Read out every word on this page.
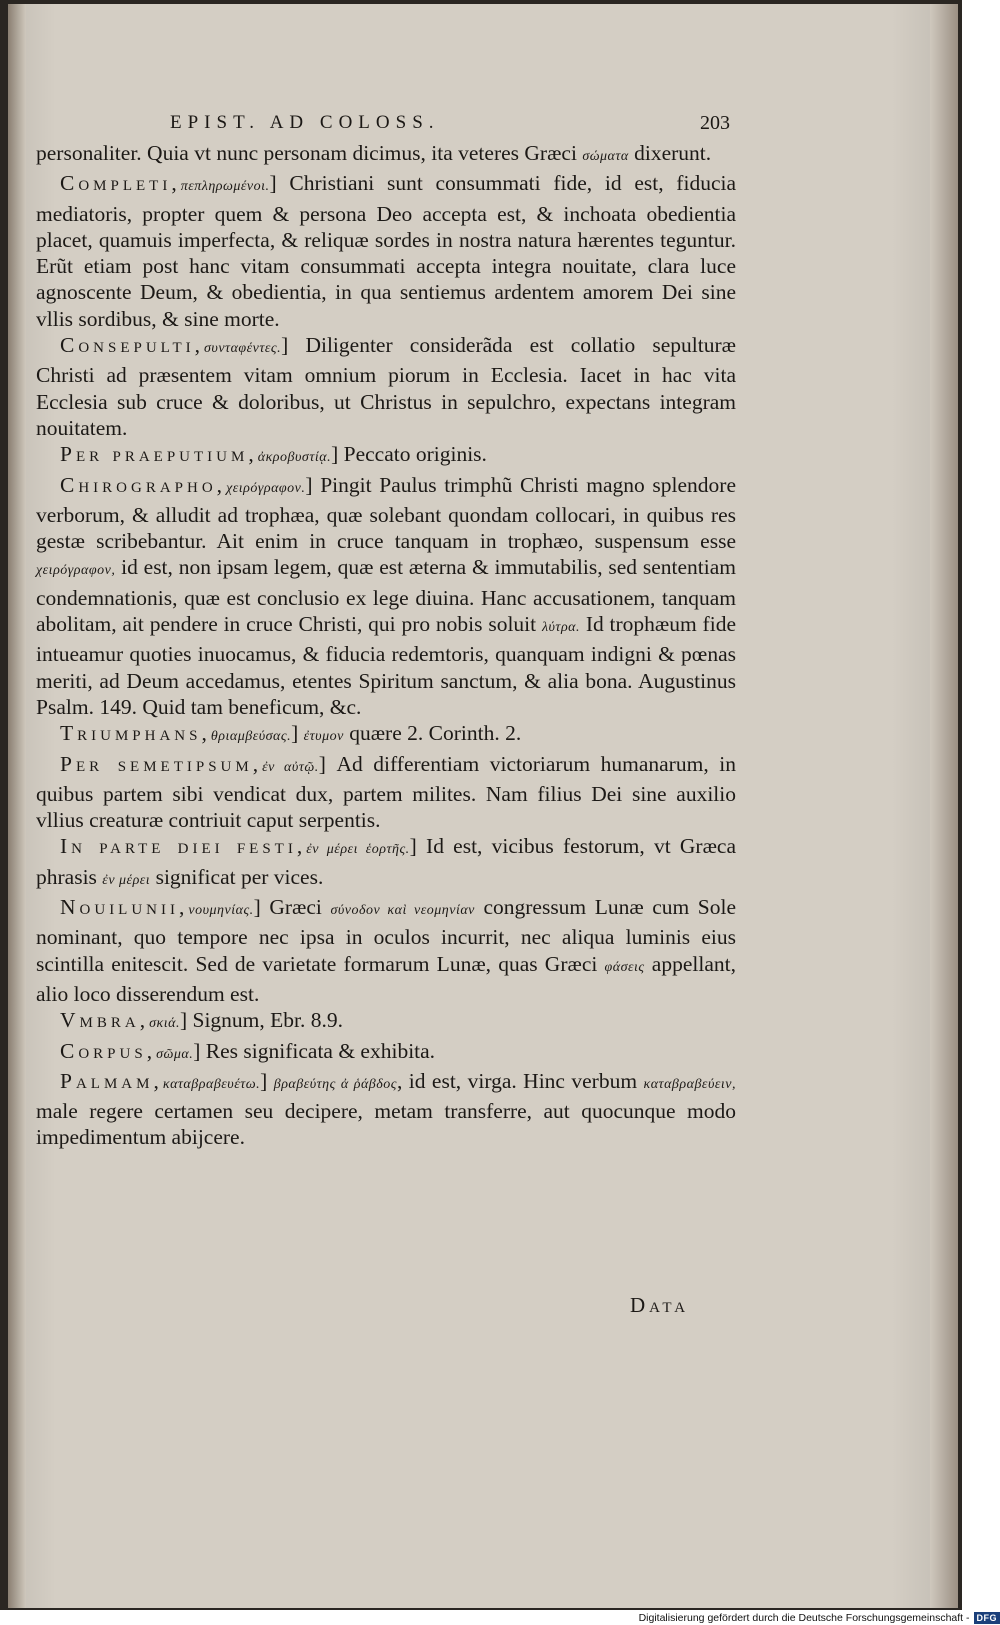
EPIST. AD COLOSS.	203

personaliter. Quia vt nunc personam dicimus, ita veteres Græci σώματα dixerunt.

Completi,πεπληρωμένοι.] Christiani sunt consummati fide, id est, fiducia mediatoris, propter quem & persona Deo accepta est, & inchoata obedientia placet, quamuis imperfecta, & reliquæ sordes in nostra natura hærentes teguntur. Erũt etiam post hanc vitam consummati accepta integra nouitate, clara luce agnoscente Deum, & obedientia, in qua sentiemus ardentem amorem Dei sine vllis sordibus, & sine morte.

Consepulti,συνταφέντες.] Diligenter considerãda est collatio sepulturæ Christi ad præsentem vitam omnium piorum in Ecclesia. Iacet in hac vita Ecclesia sub cruce & doloribus, ut Christus in sepulchro, expectans integram nouitatem.

Per praeputium,ἀκροβυστίᾳ.] Peccato originis.

Chirographo,χειρόγραφον.] Pingit Paulus trimphũ Christi magno splendore verborum, & alludit ad trophæa, quæ solebant quondam collocari, in quibus res gestæ scribebantur. Ait enim in cruce tanquam in trophæo, suspensum esse χειρόγραφον, id est, non ipsam legem, quæ est æterna & immutabilis, sed sententiam condemnationis, quæ est conclusio ex lege diuina. Hanc accusationem, tanquam abolitam, ait pendere in cruce Christi, qui pro nobis soluit λύτρα. Id trophæum fide intueamur quoties inuocamus, & fiducia redemtoris, quanquam indigni & pœnas meriti, ad Deum accedamus, etentes Spiritum sanctum, & alia bona. Augustinus Psalm. 149. Quid tam beneficum, &c.

Triumphans,θριαμβεύσας.] ἐτυμον quære 2. Corinth. 2.

Per semetipsum,ἐν αὐτῷ.] Ad differentiam victoriarum humanarum, in quibus partem sibi vendicat dux, partem milites. Nam filius Dei sine auxilio vllius creaturæ contriuit caput serpentis.

In parte diei festi,ἐν μέρει ἑορτῆς.] Id est, vicibus festorum, vt Græca phrasis ἐν μέρει significat per vices.

Nouilunii,νουμηνίας.] Græci σύνοδον καὶ νεομηνίαν congressum Lunæ cum Sole nominant, quo tempore nec ipsa in oculos incurrit, nec aliqua luminis eius scintilla enitescit. Sed de varietate formarum Lunæ, quas Græci φάσεις appellant, alio loco disserendum est.

Vmbra,σκιά.] Signum, Ebr. 8.9.

Corpus,σῶμα.] Res significata & exhibita.

Palmam,καταβραβευέτω.] βραβεύτης ἀ ῥάβδος, id est, virga. Hinc verbum καταβραβεύειν, male regere certamen seu decipere, metam transferre, aut quocunque modo impedimentum abijcere.

Data
Digitalisierung gefördert durch die Deutsche Forschungsgemeinschaft - DFG
